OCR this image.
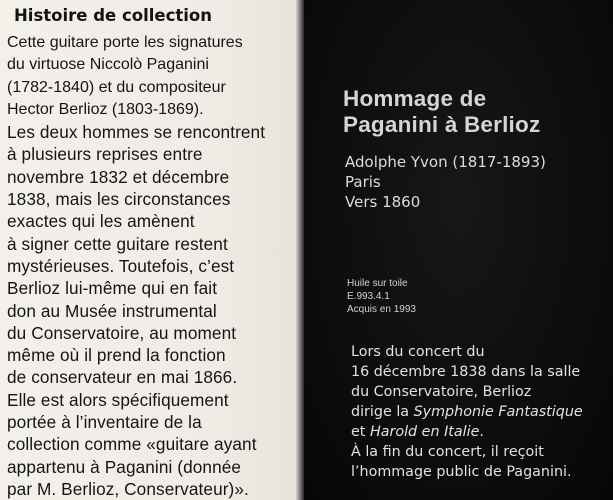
Histoire de collection
Cette guitare porte les signatures
du virtuose Niccolò Paganini
(1782-1840) et du compositeur
Hector Berlioz (1803-1869).
Les deux hommes se rencontrent
à plusieurs reprises entre
novembre 1832 et décembre
1838, mais les circonstances
exactes qui les amènent
à signer cette guitare restent
mystérieuses. Toutefois, c’est
Berlioz lui-même qui en fait
don au Musée instrumental
du Conservatoire, au moment
même où il prend la fonction
de conservateur en mai 1866.
Elle est alors spécifiquement
portée à l’inventaire de la
collection comme «guitare ayant
appartenu à Paganini (donnée
par M. Berlioz, Conservateur)».
Hommage de
Paganini à Berlioz
Adolphe Yvon (1817-1893)
Paris
Vers 1860
Huile sur toile
E.993.4.1
Acquis en 1993
Lors du concert du
16 décembre 1838 dans la salle
du Conservatoire, Berlioz
dirige la Symphonie Fantastique
et Harold en Italie.
À la fin du concert, il reçoit
l’hommage public de Paganini.
